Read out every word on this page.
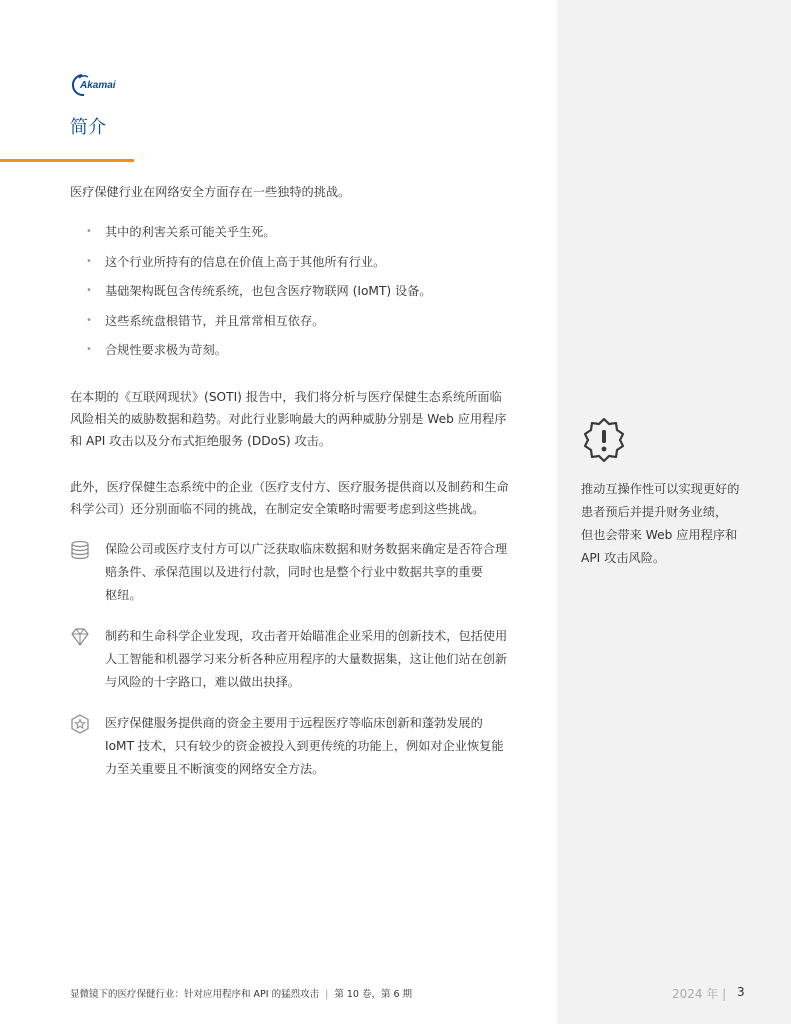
Akamai
简介

医疗保健行业在网络安全方面存在一些独特的挑战。

• 其中的利害关系可能关乎生死。
• 这个行业所持有的信息在价值上高于其他所有行业。
• 基础架构既包含传统系统，也包含医疗物联网 (IoMT) 设备。
• 这些系统盘根错节，并且常常相互依存。
• 合规性要求极为苛刻。
在本期的《互联网现状》(SOTI) 报告中，我们将分析与医疗保健生态系统所面临
风险相关的威胁数据和趋势。对此行业影响最大的两种威胁分别是 Web 应用程序
和 API 攻击以及分布式拒绝服务 (DDoS) 攻击。
此外，医疗保健生态系统中的企业（医疗支付方、医疗服务提供商以及制药和生命
科学公司）还分别面临不同的挑战，在制定安全策略时需要考虑到这些挑战。
保险公司或医疗支付方可以广泛获取临床数据和财务数据来确定是否符合理
赔条件、承保范围以及进行付款，同时也是整个行业中数据共享的重要
枢纽。
制药和生命科学企业发现，攻击者开始瞄准企业采用的创新技术，包括使用
人工智能和机器学习来分析各种应用程序的大量数据集，这让他们站在创新
与风险的十字路口，难以做出抉择。
医疗保健服务提供商的资金主要用于远程医疗等临床创新和蓬勃发展的
IoMT 技术，只有较少的资金被投入到更传统的功能上，例如对企业恢复能
力至关重要且不断演变的网络安全方法。
推动互操作性可以实现更好的
患者预后并提升财务业绩，
但也会带来 Web 应用程序和
API 攻击风险。
显微镜下的医疗保健行业：针对应用程序和 API 的猛烈攻击 | 第 10 卷，第 6 期	2024 年 | 3
